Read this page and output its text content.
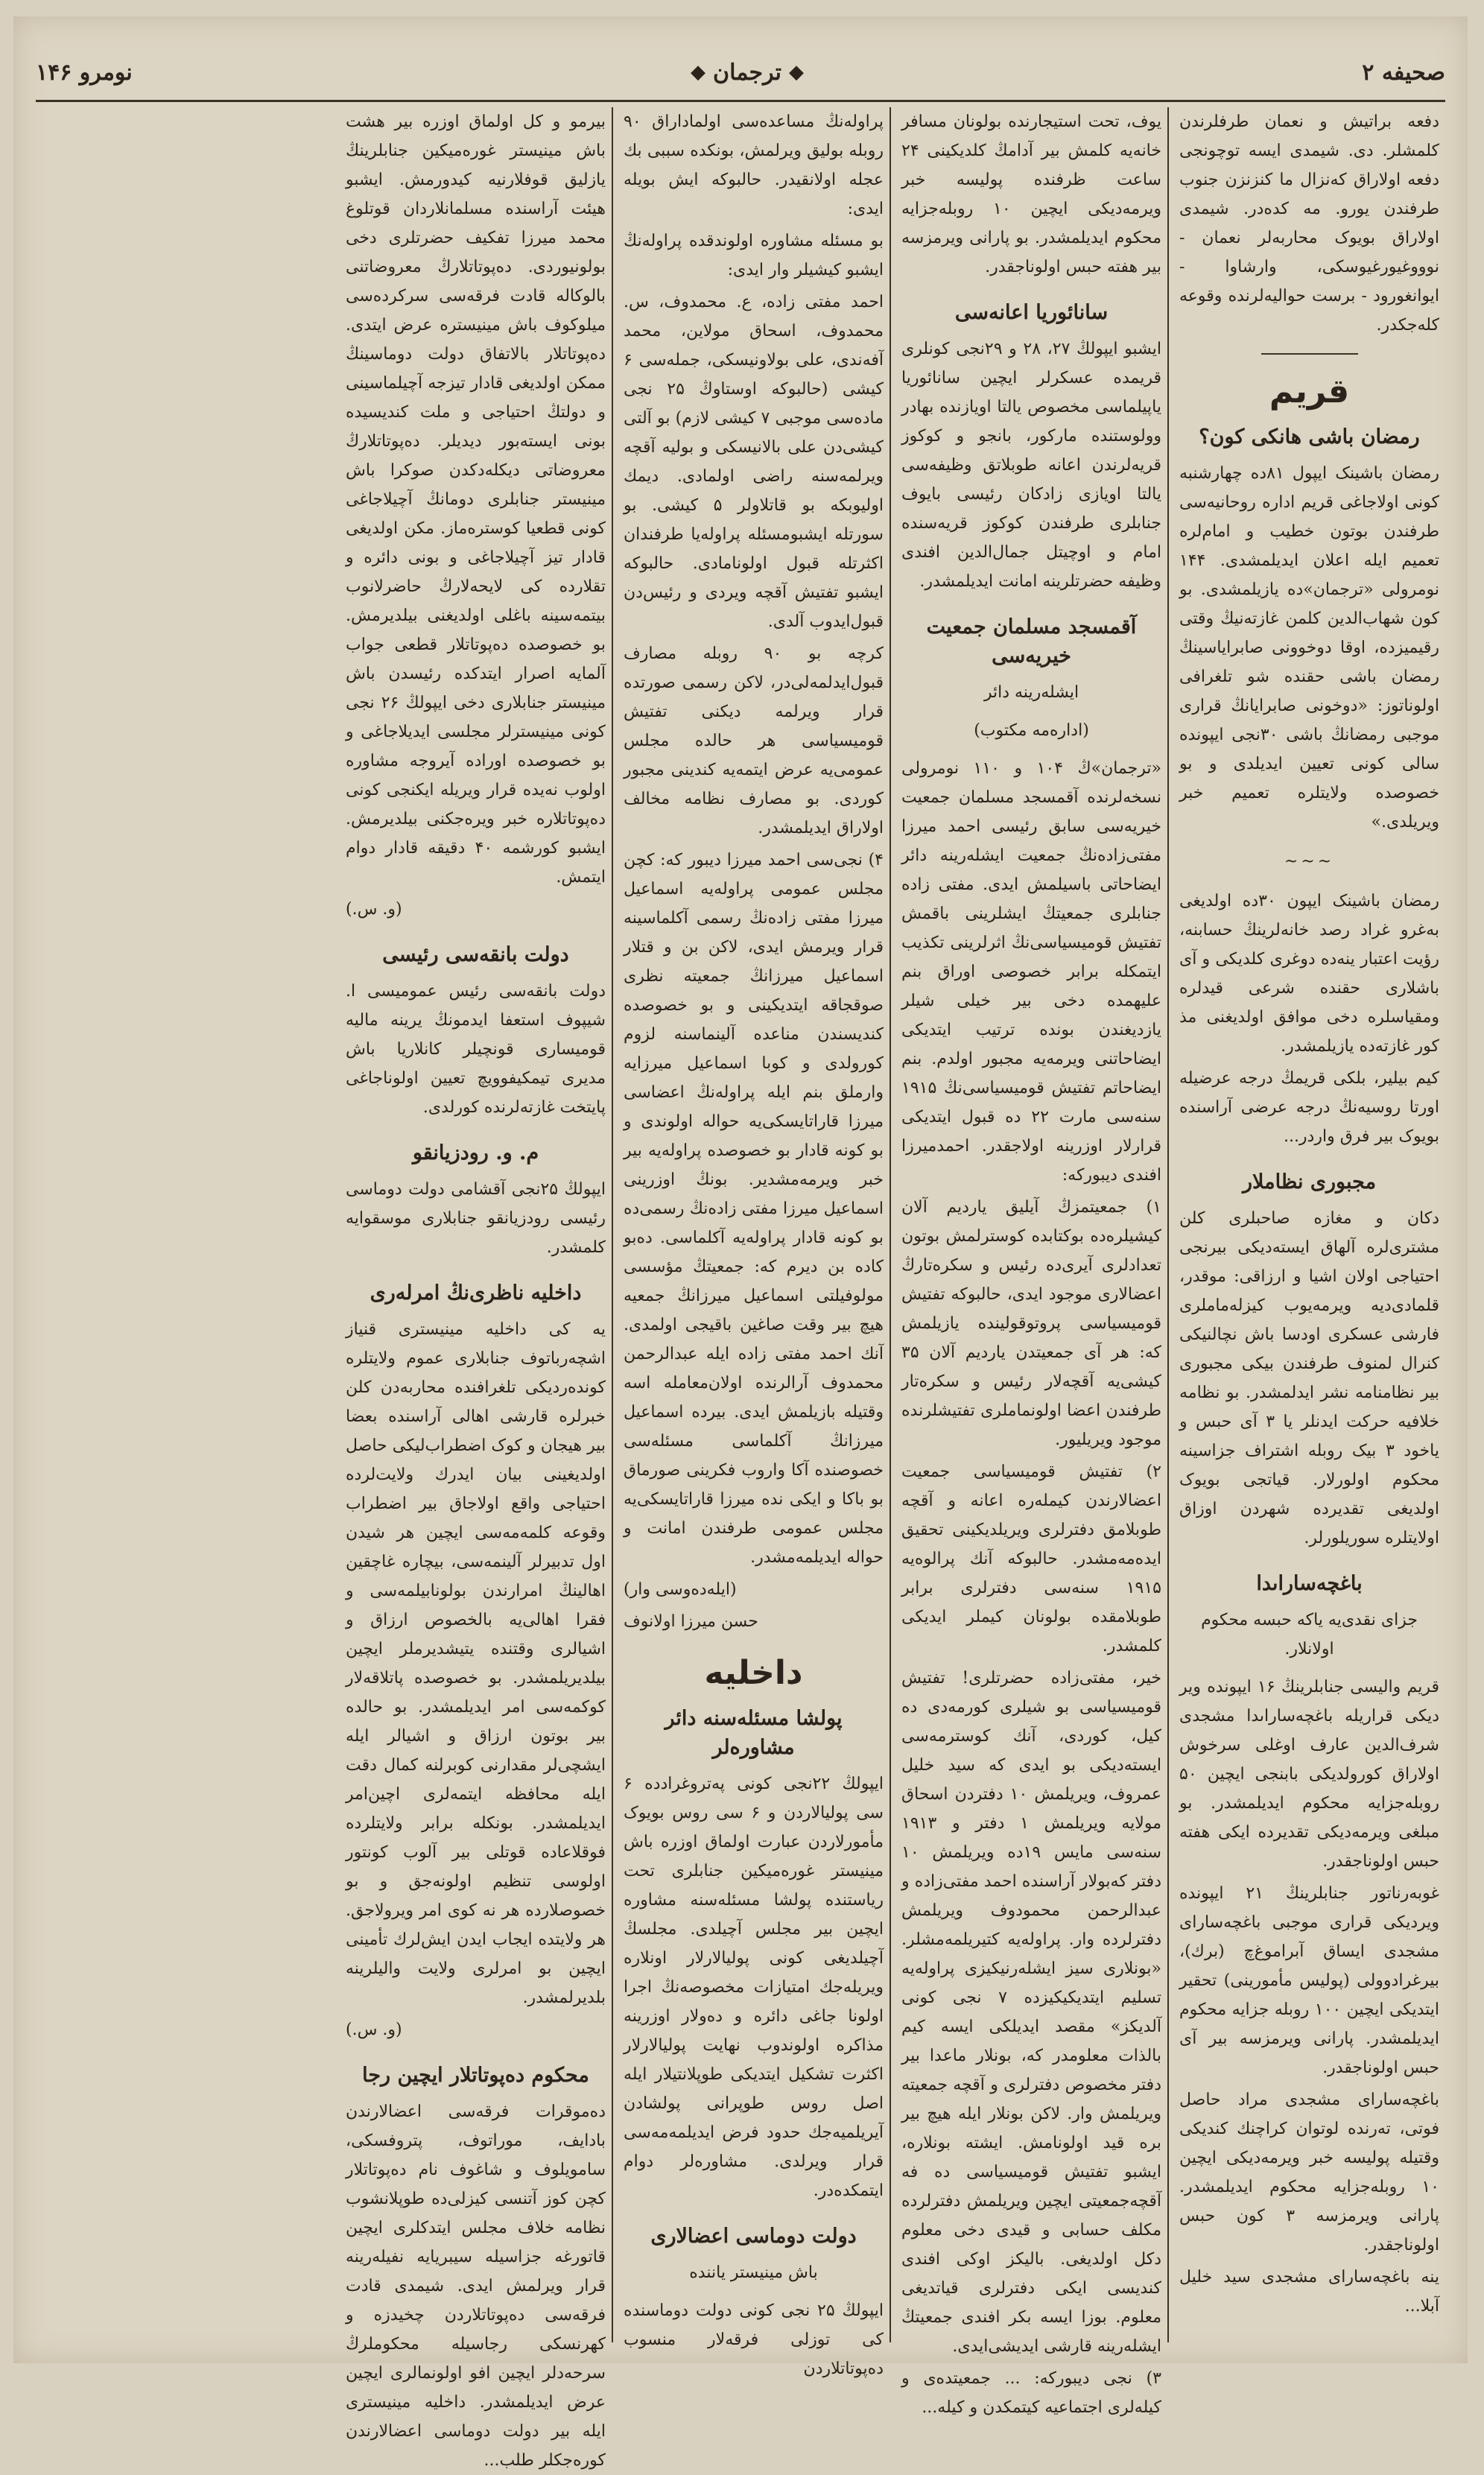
صحیفه ۲
◆
ترجمان
◆
نومرو ۱۴۶

دفعه براتیش و نعمان طرفلرندن کلمشلر. دی. شیمدی ایسه توچونجی دفعه اولاراق که‌نزال ما کنزنزن جنوب طرفندن یورو. مه کدەدر. شیمدی اولاراق بویوک محاربه‌لر نعمان - نوووغیورغیوسکی، وارشاوا - ایوانغورود - برست حوالیه‌لرنده وقوعه کله‌جکدر.

قریم
رمضان باشی هانکی کون؟

رمضان باشینک ایپول ۸۱ده چهارشنبه کونی اولاجاغی قریم اداره روحانیه‌سی طرفندن بوتون خطیب و امام‌لره تعمیم ایله اعلان ایدیلمشدی. ۱۴۴ نومرولی «ترجمان»ده یازیلمشدی. بو کون شهاب‌الدین کلمن غازته‌نیڭ وقتی رقیمیزده، اوقا دوخوونی صابرایاسینڭ رمضان باشی حقنده شو تلغرافی اولوناتوز: «دوخونی صابرایانڭ قراری موجبی رمضانڭ باشی ۳۰نجی ایپونده سالی کونی تعیین ایدیلدی و بو خصوصده ولایتلره تعمیم خبر ویریلدی.»

~~~

رمضان باشینک ایپون ۳۰ده اولدیغی به‌غرو غراد رصد خانه‌لرینڭ حسابنه، رؤیت اعتبار ینه‌ده دوغری کلدیکی و آی باشلاری حقنده شرعی قیدلره ومقیاسلره دخی موافق اولدیغنی مذ کور غازته‌ده یازیلمشدر.

کیم بیلیر، بلکی قریمڭ درجه عرضیله اورتا روسیه‌نڭ درجه عرضی آراسنده بویوک بیر فرق واردر...

مجبوری نظاملار

دکان و مغازه صاحبلری کلن مشتری‌لره آلهاق ایسته‌دیکی بیرنجی احتیاجی اولان اشیا و ارزاقی: موقدر، قلمادی‌دیه ویرمه‌یوب کیزله‌ماملری فارشی عسکری اودسا باش نچالنیکی کنرال لمنوف طرفندن بیکی مجبوری بیر نظامنامه نشر ایدلمشدر. بو نظامه خلافیه حرکت ایدنلر یا ۳ آی حبس و یاخود ۳ بیک روبله اشتراف جزاسینه محکوم اولورلار. قیاتجی بویوک اولدیغی تقدیرده شهردن اوزاق اولایتلره سوریلورلر.

باغچەساراىدا
جزای نقدی‌یه یاکه حبسه محکوم اولانلار.

قریم والیسی جنابلرینڭ ۱۶ ایپونده ویر دیکی قراریله باغچەساراىدا مشجدی شرف‌الدین عارف اوغلی سرخوش اولاراق کورولدیکی بابنجی ایچین ۵۰ روبله‌جزایه محکوم ایدیلمشدر. بو مبلغی ویرمه‌دیکی تقدیرده ایکی هفته حبس اولوناجقدر.

غوبه‌رناتور جنابلرینڭ ۲۱ ایپونده ویردیکی قراری موجبی باغچەساراى مشجدی ایساق آبراموغ‌چ (برك)، بیرغرادوولی (پولیس مأمورینی) تحقیر ایتدیکی ایچین ۱۰۰ روبله جزایه محکوم ایدیلمشدر. پارانی ویرمزسه بیر آی حبس اولوناجقدر.

باغچەساراى مشجدی مراد حاصل فوتی، ته‌رنده لوتوان کراچنك کندیکی وقتیله پولیسه خبر ویرمه‌دیکی ایچین ۱۰ روبله‌جزایه محکوم ایدیلمشدر. پارانی ویرمزسه ۳ کون حبس اولوناجقدر.

ینه باغچەساراى مشجدی سید خلیل آبلا...

یوف، تحت استیجارنده بولونان مسافر خانه‌یه کلمش بیر آدامڭ کلدیکینی ۲۴ ساعت ظرفنده پولیسه خبر ویرمه‌دیکی ایچین ۱۰ روبله‌جزایه محکوم ایدیلمشدر. بو پارانی ویرمزسه بیر هفته حبس اولوناجقدر.

سانائوریا اعانه‌سی

ایشبو ایپولڭ ۲۷، ۲۸ و ۲۹نجی کونلری قریمده عسکرلر ایچین سانائوریا یاپیلماسی مخصوص یالتا اویازنده بهادر وولوستنده مارکور، بانجو و کوکوز قریه‌لرندن اعانه طوبلاتق وظیفه‌سی یالتا اویازی زادکان رئیسی بایوف جنابلری طرفندن کوکوز قریه‌سنده امام و اوچیتل جمال‌الدین افندی وظیفه حضرتلرینه امانت ایدیلمشدر.

آقمسجد مسلمان جمعیت خیریه‌سی
ایشله‌رینه دائر
(ادارەمه مکتوب)

«ترجمان»ڭ ۱۰۴ و ۱۱۰ نومرولی نسخه‌لرنده آقمسجد مسلمان جمعیت خیریه‌سی سابق رئیسی احمد میرزا مفتی‌زاده‌نڭ جمعیت ایشله‌رینه دائر ایضاحاتی باسیلمش ایدی. مفتی زاده جنابلری جمعیتڭ ایشلرینی باقمش تفتیش قومیسیاسی‌نڭ اثرلرینی تکذیب ایتمکله برابر خصوصی اوراق بنم علیهمده دخی بیر خیلی شیلر یازدیغندن بونده ترتیب ایتدیکی ایضاحاتنی ویرمه‌یه مجبور اولدم. بنم ایضاحاتم تفتیش قومیسیاسی‌نڭ ۱۹۱۵ سنه‌سی مارت ۲۲ ده قبول ایتدیکی قرارلار اوزرینه اولاجقدر. احمدمیرزا افندی دیبورکه:

۱) جمعیتمزڭ آیلیق یاردیم آلان کیشیلره‌ده بوکتابده کوسترلمش بوتون تعدادلری آیری‌ده رئیس و سکرەتارڭ اعضالاری موجود ایدی، حالبوکه تفتیش قومیسیاسی پروتوقولینده یازیلمش که: هر آی جمعیتدن یاردیم آلان ۳۵ کیشی‌یه آقچه‌لار رئیس و سکرەتار طرفندن اعضا اولونماملری تفتیشلرنده موجود ویریلیور.

۲) تفتیش قومیسیاسی جمعیت اعضالارندن کیملەره اعانه و آقچه طوبلامق دفترلری ویریلدیکینی تحقیق ایده‌مه‌مشدر. حالبوکه آنك پرالوه‌یه ۱۹۱۵ سنه‌سی دفترلری برابر طوبلامقده بولونان کیملر ایدیکی کلمشدر.

خیر، مفتی‌زاده حضرتلری! تفتیش قومیسیاسی بو شیلری کورمه‌دی ده کیل، کوردی، آنك کوسترمه‌سی ایستەدیکی بو ایدی که سید خلیل عمروف، ویریلمش ۱۰ دفتردن اسحاق مولایه ویریلمش ۱ دفتر و ۱۹۱۳ سنه‌سی مایس ۱۹ده ویریلمش ۱۰ دفتر که‌بولار آراسنده احمد مفتی‌زاده و عبدالرحمن محمودوف ویریلمش دفترلرده وار. پراولەیه کتیریلمه‌مشلر. «بونلاری سیز ایشله‌رنیکیزی پراولەیه تسلیم ایتدیکیکیزده ۷ نجی کونی آلدیکز» مقصد ایدیلکی ایسه کیم بالذات معلومدر که، بونلار ماعدا بیر دفتر مخصوص دفترلری و آقچه جمعیته ویریلمش وار. لاکن بونلار ایله هیچ بیر بره قید اولونامش. ایشته بونلاره، ایشبو تفتیش قومیسیاسی ده‌ فه آقچه‌جمعیتی ایچین ویریلمش دفترلرده مکلف حسابی و قیدی دخی معلوم دکل اولدیغی. بالیکز اوکی افندی کندیسی ایکی دفترلری قیاتدیغی معلوم. بوزا ایسه بکر افندی جمعیتڭ ایشله‌رینه قارشی ایدیشی‌ایدی.

۳) نجی دیبورکه: ... جمعیتده‌ی و کیله‌لری اجتماعیه کیتمکدن و کیله...

پراولەنڭ مساعده‌سی اولماداراق ۹۰ روبله بولیق ویرلمش، بونکده سببی بك عجله اولانقیدر. حالبوکه ایش بویله ایدی:

بو مسئله مشاوره اولوندقده پراولەنڭ ایشبو کیشیلر وار ایدی:

احمد مفتی زاده، ع. محمدوف، س. محمدوف، اسحاق مولاین، محمد آفەندی، علی بولاونیسکی، جمله‌سی ۶ کیشی (حالبوکه اوستاوڭ ۲۵ نجی مادەسی موجبی ۷ کیشی لازم) بو آلتی کیشی‌دن علی بالانیسکی و بولیه آقچه ویرلمه‌سنه راضی اولمادی. دیمك اولیوبکه بو قاتلاولر ۵ کیشی. بو سورتله ایشبومسئله پراولەیا طرفندان اکثرتله قبول اولونامادی. حالبوکه ایشبو تفتیش آقچه ویردی و رئیس‌دن قبول‌ایدوب آلدی.

کرچه بو ۹۰ روبله مصارف قبول‌ایدلمه‌لی‌در، لاکن رسمی صورتده قرار ویرلمه دیکنی تفتیش قومیسیاسی هر حالده مجلس عمومی‌یه عرض ایتمه‌یه کندینی مجبور کوردی. بو مصارف نظامه مخالف اولاراق ایدیلمشدر.

۴) نجی‌سی احمد میرزا دیبور که: کچن مجلس عمومی پراولەیه اسماعیل میرزا مفتی زاده‌نڭ رسمی آکلماسینه قرار ویرمش ایدی، لاکن بن و قتلار اسماعیل میرزانڭ جمعیته نظری صوقجاقه ایتدیکینی و بو خصوصده کندیسندن مناعده آلینماسنه لزوم کورولدی و کوبا اسماعیل میرزا‌یه وارملق بنم ایله پراولەنڭ اعضاسی میرزا قاراتایسکی‌یه حواله اولوندی و بو کونه قادار بو خصوصده پراولەیه بیر خبر ویرمه‌مشدیر. بونڭ اوزرینی اسماعیل میرزا مفتی زاده‌نڭ رسمی‌ده بو کونه قادار پراولەیه آکلماسی. ده‌بو کاده بن دیرم که: جمعیتڭ مؤسسی مولوفیلتی اسماعیل میرزانڭ جمعیه هیچ بیر وقت صاغین باقیجی اولمدی. آنك احمد مفتی زاده ایله عبدالرحمن محمدوف آرالرنده اولان‌معامله اسه وقتیله بازیلمش ایدی. بیرده اسماعیل میرزانڭ آکلماسی مسئله‌سی خصوصنده آکا واروب فکرینی صورماق بو باکا و ایکی نده میرزا قاراتایسکی‌یه مجلس عمومی طرفندن امانت و حواله ایدیلمه‌مشدر.

(ایله‌ده‌وسی وار)

حسن میرزا اولانوف

داخلیه
پولشا مسئله‌سنه دائر مشاوره‌لر

ایپولڭ ۲۲نجی کونی پەتروغرادده ۶ سی پولیالاردن و ۶ سی روس بویوک مأمورلاردن عبارت اولماق اوزره باش مینیستر غوره‌میکین جنابلری تحت ریاستنده پولشا مسئله‌سنه مشاوره ایچین بیر مجلس آچیلدی. مجلسڭ آچیلدیغی کونی پولیالارلار اونلاره ویریله‌جك امتیازات مخصوصه‌نڭ اجرا اولونا جاغی دائره و دەولار اوزرینه مذاکره اولوندوب نهایت پولیالارلار اکثرت تشکیل ایتدیکی طوپلانتیلار ایله اصل روس طوپرانی پولشادن آیریلمیه‌جك حدود فرض ایدیلمه‌مەسی قرار ویرلدی. مشاوره‌لر دوام ایتمکده‌در.

دولت دوماسی اعضالاری
باش مینیستر یاننده

ایپولڭ ۲۵ نجی کونی دولت دوماسنده کی توزلی فرقه‌لار منسوب دەپوتاتلاردن

بیرمو و کل اولماق اوزره بیر هشت باش مینیستر غوره‌میکین جنابلرینڭ یازلیق قوفلارنیه کیدورمش. ایشبو هیئت آراسنده مسلمانلاردان قوتلوغ محمد میرزا تفکیف حضرتلری دخی بولونیوردی. ده‌پوتاتلارڭ معروضاتنی بالوکاله قادت فرقه‌سی سرکرده‌سی میلوکوف باش مینیستره عرض ایتدی. ده‌پوتاتلار بالاتفاق دولت دوماسینڭ ممکن اولدیغی قادار تیزجه آچیلماسینی و دولتڭ احتیاجی و ملت کندیسیده بونی ایسته‌بور دیدیلر. دەپوتاتلارڭ معروضاتی دیکله‌دکدن صوکرا باش مینیستر جنابلری دومانڭ آچیلاجاغی کونی قطعیا کوسترەماز. مکن اولدیغی قادار تیز آچیلاجاغی و بونی دائره و تقلارده کی لایحه‌لارڭ حاضرلانوب بیتمه‌سینه باغلی اولدیغنی بیلدیرمش. بو خصوصده ده‌پوتاتلار قطعی جواب آلمایه اصرار ایتدکده رئیسدن باش مینیستر جنابلاری دخی ایپولڭ ۲۶ نجی کونی مینیسترلر مجلسی ایدیلاجاغی و بو خصوصده اوراده آیروجه مشاوره اولوب نه‌یده قرار ویریله ایکنجی کونی ده‌پوتاتلاره خبر ویره‌جکنی بیلدیرمش. ایشبو کورشمه ۴۰ دقیقه قادار دوام ایتمش.

(و. س.)

دولت بانقه‌سی رئیسی

دولت بانقه‌سی رئیس عمومیسی ا. شیپوف استعفا ایدمونڭ یرینه مالیه قومیساری قونچیلر کانلاریا باش مدیری تیمکیفوویچ تعیین اولوناجاغی پایتخت غازته‌لرنده کورلدی.

م. و. رودزیانقو

ایپولڭ ۲۵نجی آقشامی دولت دوماسی رئیسی رودزیانقو جنابلاری موسقوایه کلمشدر.

داخلیه ناظری‌نڭ امرلەری

یه کی داخلیه مینیستری قنیاز اشچه‌رباتوف جنابلاری عموم ولایتلره کوندەردیکی تلغرافنده محاربه‌دن کلن خبرلره قارشی اهالی آراسنده بعضا بیر هیجان و کوک اضطراب‌لیکی حاصل اولدیغینی بیان ایدرك ولایت‌لرده احتیاجی واقع اولاجاق بیر اضطراب وقوعه کلمه‌مه‌سی ایچین هر شیدن اول تدبیرلر آلینمه‌سی، بیچاره غاچقین اهالینڭ امرارندن بولونابیلمه‌سی و فقرا اهالی‌یه بالخصوص ارزاق و اشیالری وقتنده یتیشدیرملر ایچین بیلدیریلمشدر. بو خصوصده پاتلاقه‌لار کوکمه‌سی امر ایدیلمشدر. بو حالده بیر بوتون ارزاق و اشیالر ایله ایشچی‌لر مقدارنی کوبرلنه کمال دقت ایله محافظه ایتمه‌لری اچین‌امر ایدیلمشدر. بونکله برابر ولایتلرده فوقلاعاده قوتلی بیر آلوب کونتور اولوسی تنظیم اولونه‌جق و بو خصوصلارده هر نه کوی امر ویرولاجق. هر ولایتده ایجاب ایدن ایش‌لرك تأمینی ایچین بو امرلری ولایت والیلرینه بلدیرلمشدر.

(و. س.)

محکوم دەپوتاتلار ایچین رجا

دەموقرات فرقه‌سی اعضالارندن بادایف، موراتوف، پتروفسکی، سامویلوف و شاغوف نام ده‌پوتاتلار کچن کوز آتنسی کیزلی‌ده طوپلانشوب نظامه خلاف مجلس ایتدکلری ایچین قاتورغه جزاسیله سیبریایه نفیلەرینه قرار ویرلمش ایدی. شیمدی قادت فرقه‌سی ده‌پوتاتلاردن چخیدزه و کهرنسکی رجاسیله محکوملرڭ سرحه‌دلر ایچین افو اولونمالری ایچین عرض ایدیلمشدر. داخلیه مینیستری ایله بیر دولت دوماسی اعضالارندن کوره‌جکلر طلب...
